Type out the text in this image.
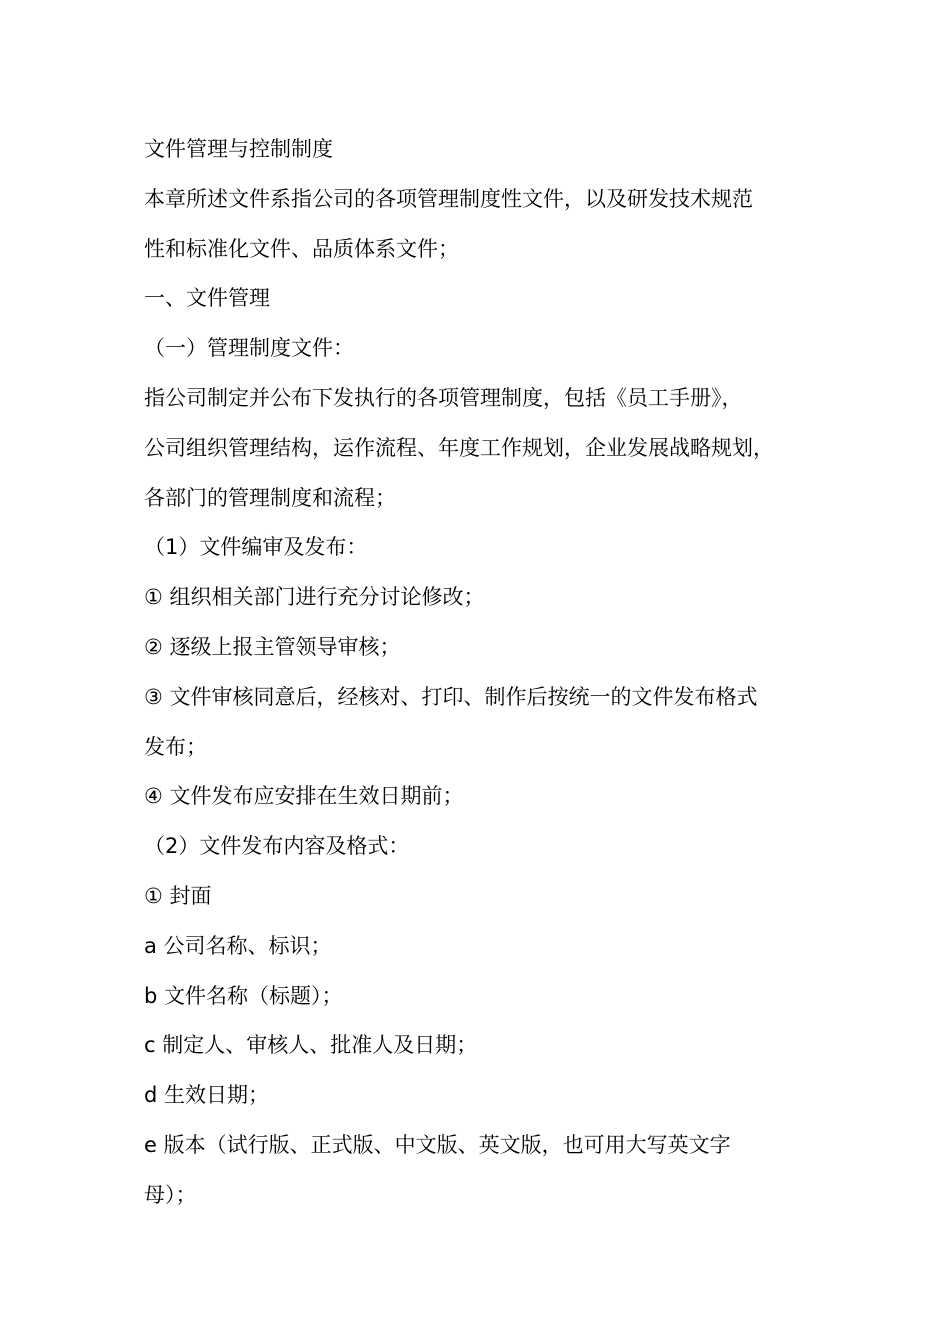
文件管理与控制制度

本章所述文件系指公司的各项管理制度性文件，以及研发技术规范

性和标准化文件、品质体系文件；

一、文件管理

（一）管理制度文件：

指公司制定并公布下发执行的各项管理制度，包括《员工手册》，

公司组织管理结构，运作流程、年度工作规划，企业发展战略规划，

各部门的管理制度和流程；

（1）文件编审及发布：

① 组织相关部门进行充分讨论修改；

② 逐级上报主管领导审核；

③ 文件审核同意后，经核对、打印、制作后按统一的文件发布格式

发布；

④ 文件发布应安排在生效日期前；

（2）文件发布内容及格式：

① 封面

a 公司名称、标识；

b 文件名称（标题）；

c 制定人、审核人、批准人及日期；

d 生效日期；

e 版本（试行版、正式版、中文版、英文版，也可用大写英文字

母）；
